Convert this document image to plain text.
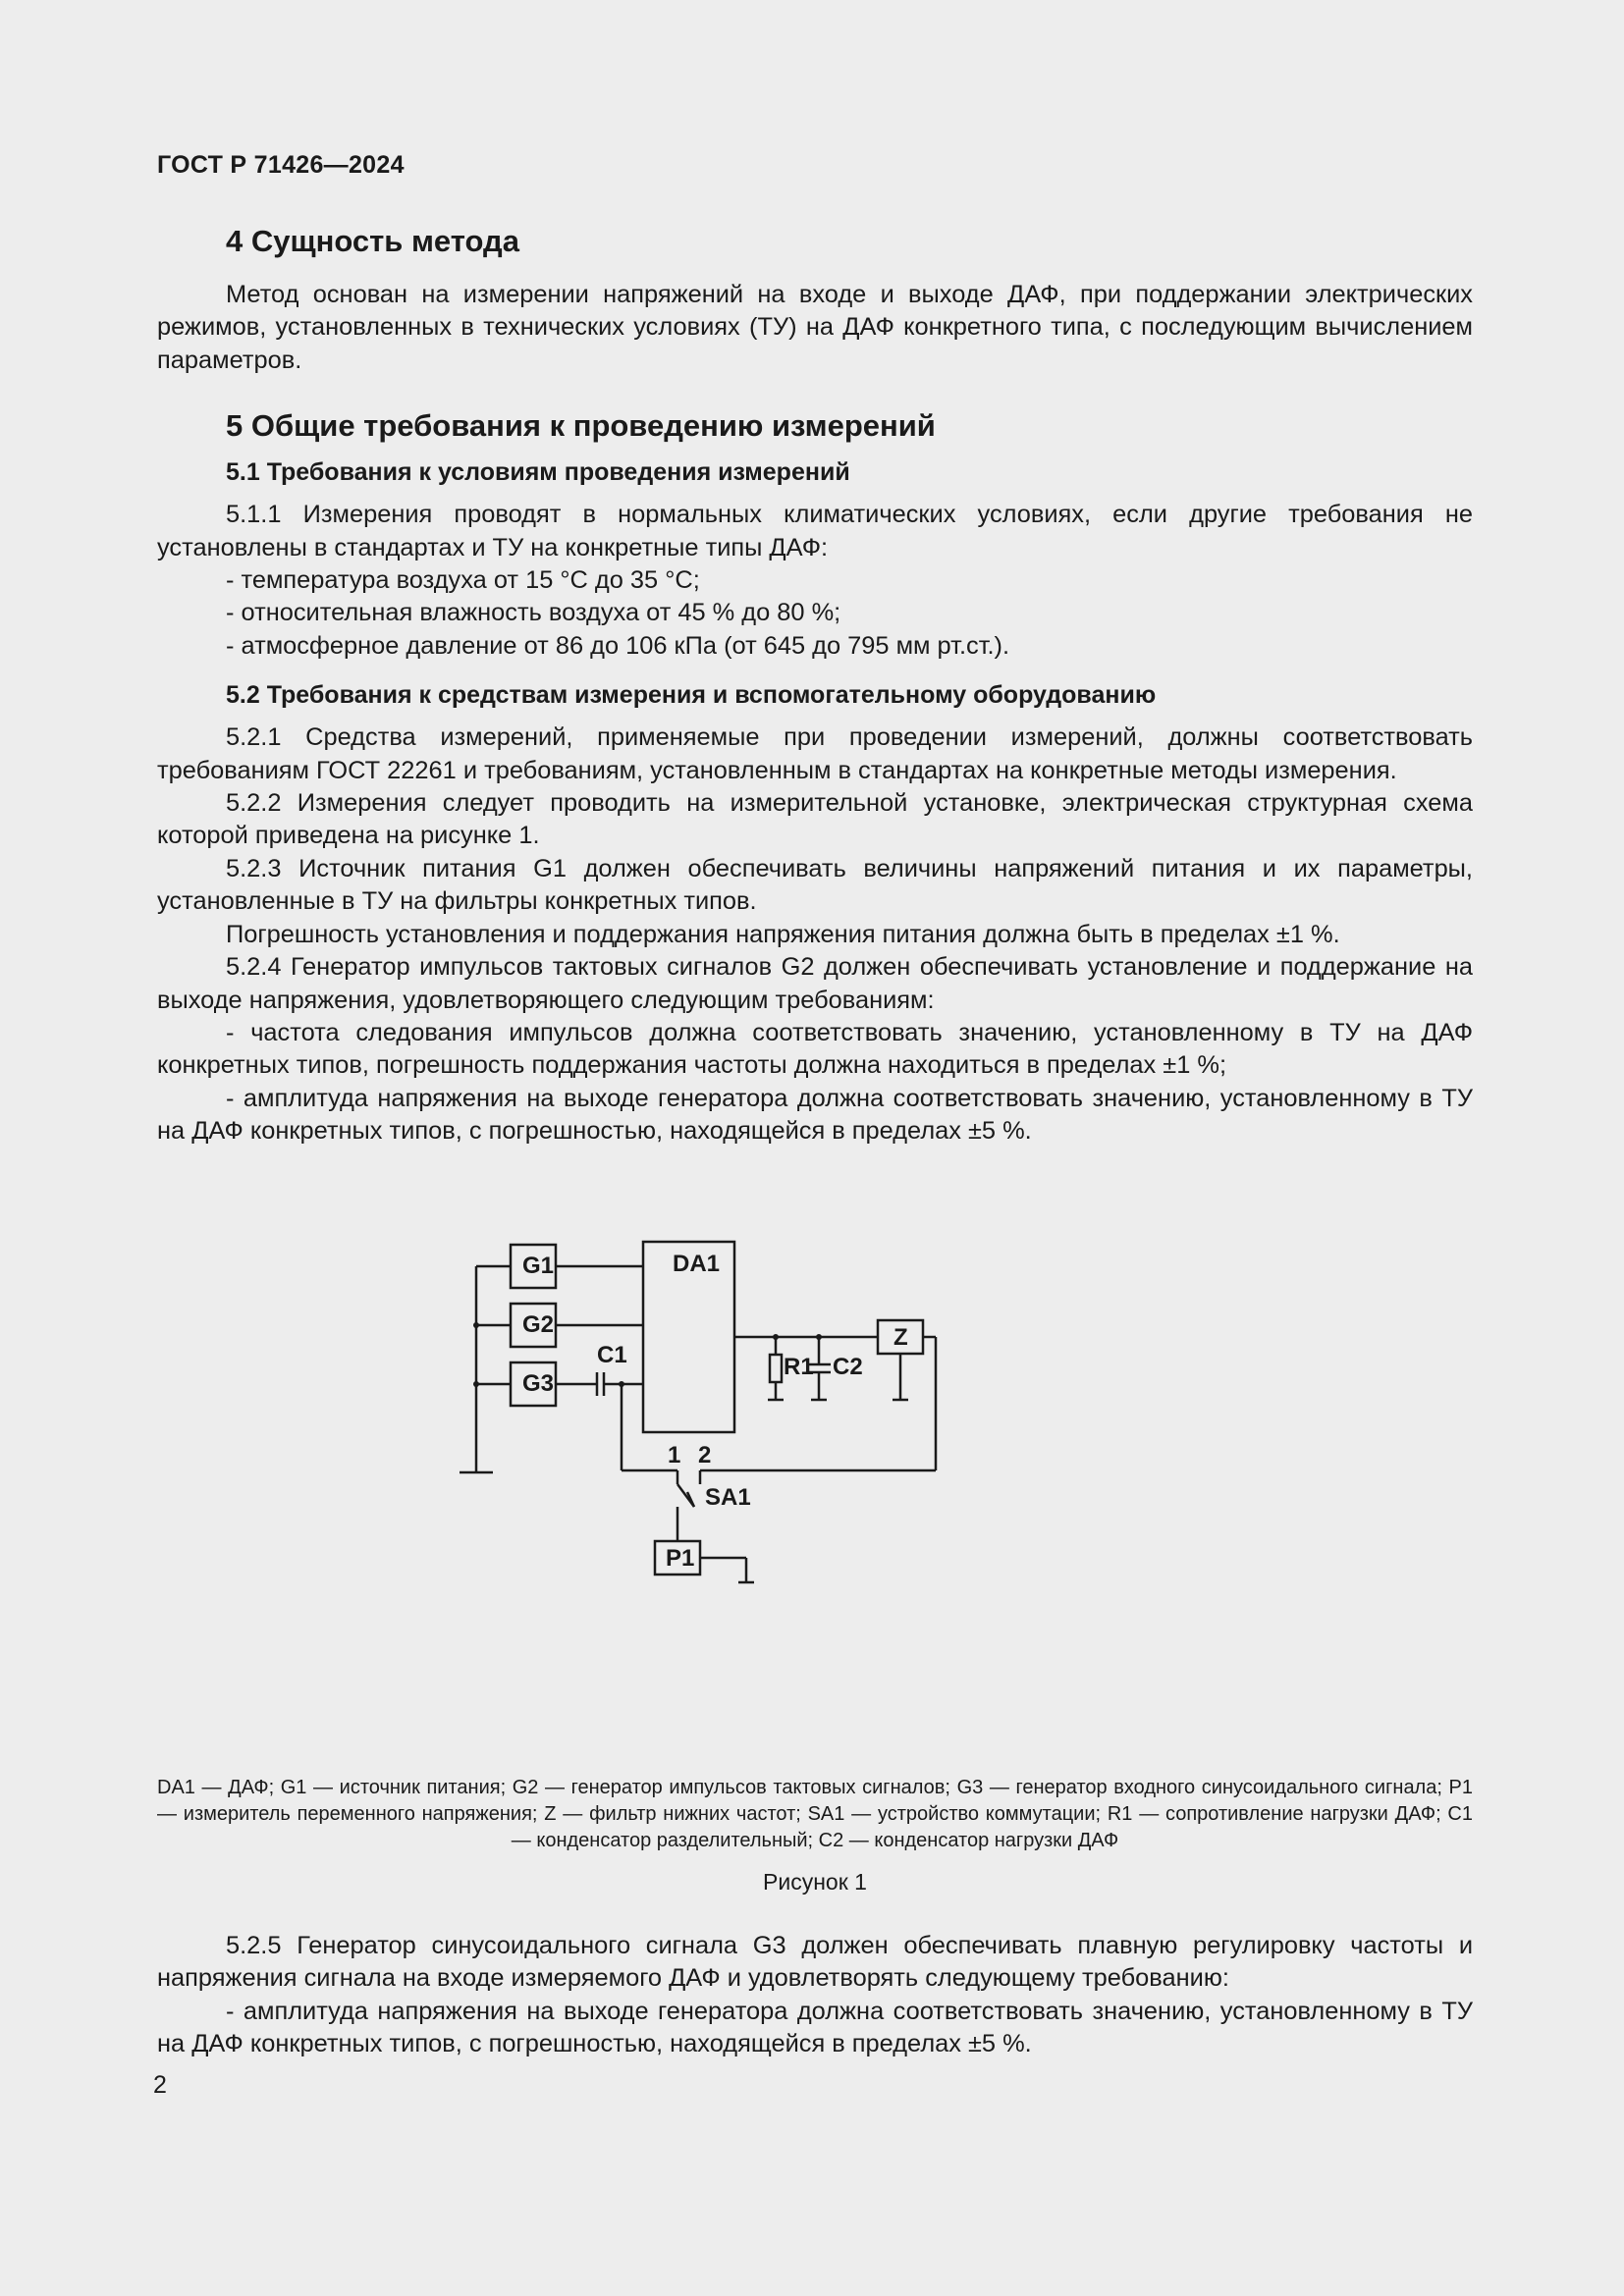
ГОСТ Р 71426—2024
4 Сущность метода

Метод основан на измерении напряжений на входе и выходе ДАФ, при поддержании электрических режимов, установленных в технических условиях (ТУ) на ДАФ конкретного типа, с последующим вычислением параметров.

5 Общие требования к проведению измерений
5.1 Требования к условиям проведения измерений

5.1.1 Измерения проводят в нормальных климатических условиях, если другие требования не установлены в стандартах и ТУ на конкретные типы ДАФ:

- температура воздуха от 15 °С до 35 °С;

- относительная влажность воздуха от 45 % до 80 %;

- атмосферное давление от 86 до 106 кПа (от 645 до 795 мм рт.ст.).

5.2 Требования к средствам измерения и вспомогательному оборудованию

5.2.1 Средства измерений, применяемые при проведении измерений, должны соответствовать требованиям ГОСТ 22261 и требованиям, установленным в стандартах на конкретные методы измерения.

5.2.2 Измерения следует проводить на измерительной установке, электрическая структурная схема которой приведена на рисунке 1.

5.2.3 Источник питания G1 должен обеспечивать величины напряжений питания и их параметры, установленные в ТУ на фильтры конкретных типов.

Погрешность установления и поддержания напряжения питания должна быть в пределах ±1 %.

5.2.4 Генератор импульсов тактовых сигналов G2 должен обеспечивать установление и поддержание на выходе напряжения, удовлетворяющего следующим требованиям:

- частота следования импульсов должна соответствовать значению, установленному в ТУ на ДАФ конкретных типов, погрешность поддержания частоты должна находиться в пределах ±1 %;

- амплитуда напряжения на выходе генератора должна соответствовать значению, установленному в ТУ на ДАФ конкретных типов, с погрешностью, находящейся в пределах ±5 %.

G1
G2
G3
DA1
C1	R1 C2
Z
1 2
SA1
P1
DA1 — ДАФ; G1 — источник питания; G2 — генератор импульсов тактовых сигналов; G3 — генератор входного синусоидального сигнала; Р1 — измеритель переменного напряжения; Z — фильтр нижних частот; SA1 — устройство коммутации; R1 — сопротивление нагрузки ДАФ; С1 — конденсатор разделительный; С2 — конденсатор нагрузки ДАФ
Рисунок 1

5.2.5 Генератор синусоидального сигнала G3 должен обеспечивать плавную регулировку частоты и напряжения сигнала на входе измеряемого ДАФ и удовлетворять следующему требованию:

- амплитуда напряжения на выходе генератора должна соответствовать значению, установленному в ТУ на ДАФ конкретных типов, с погрешностью, находящейся в пределах ±5 %.

2
